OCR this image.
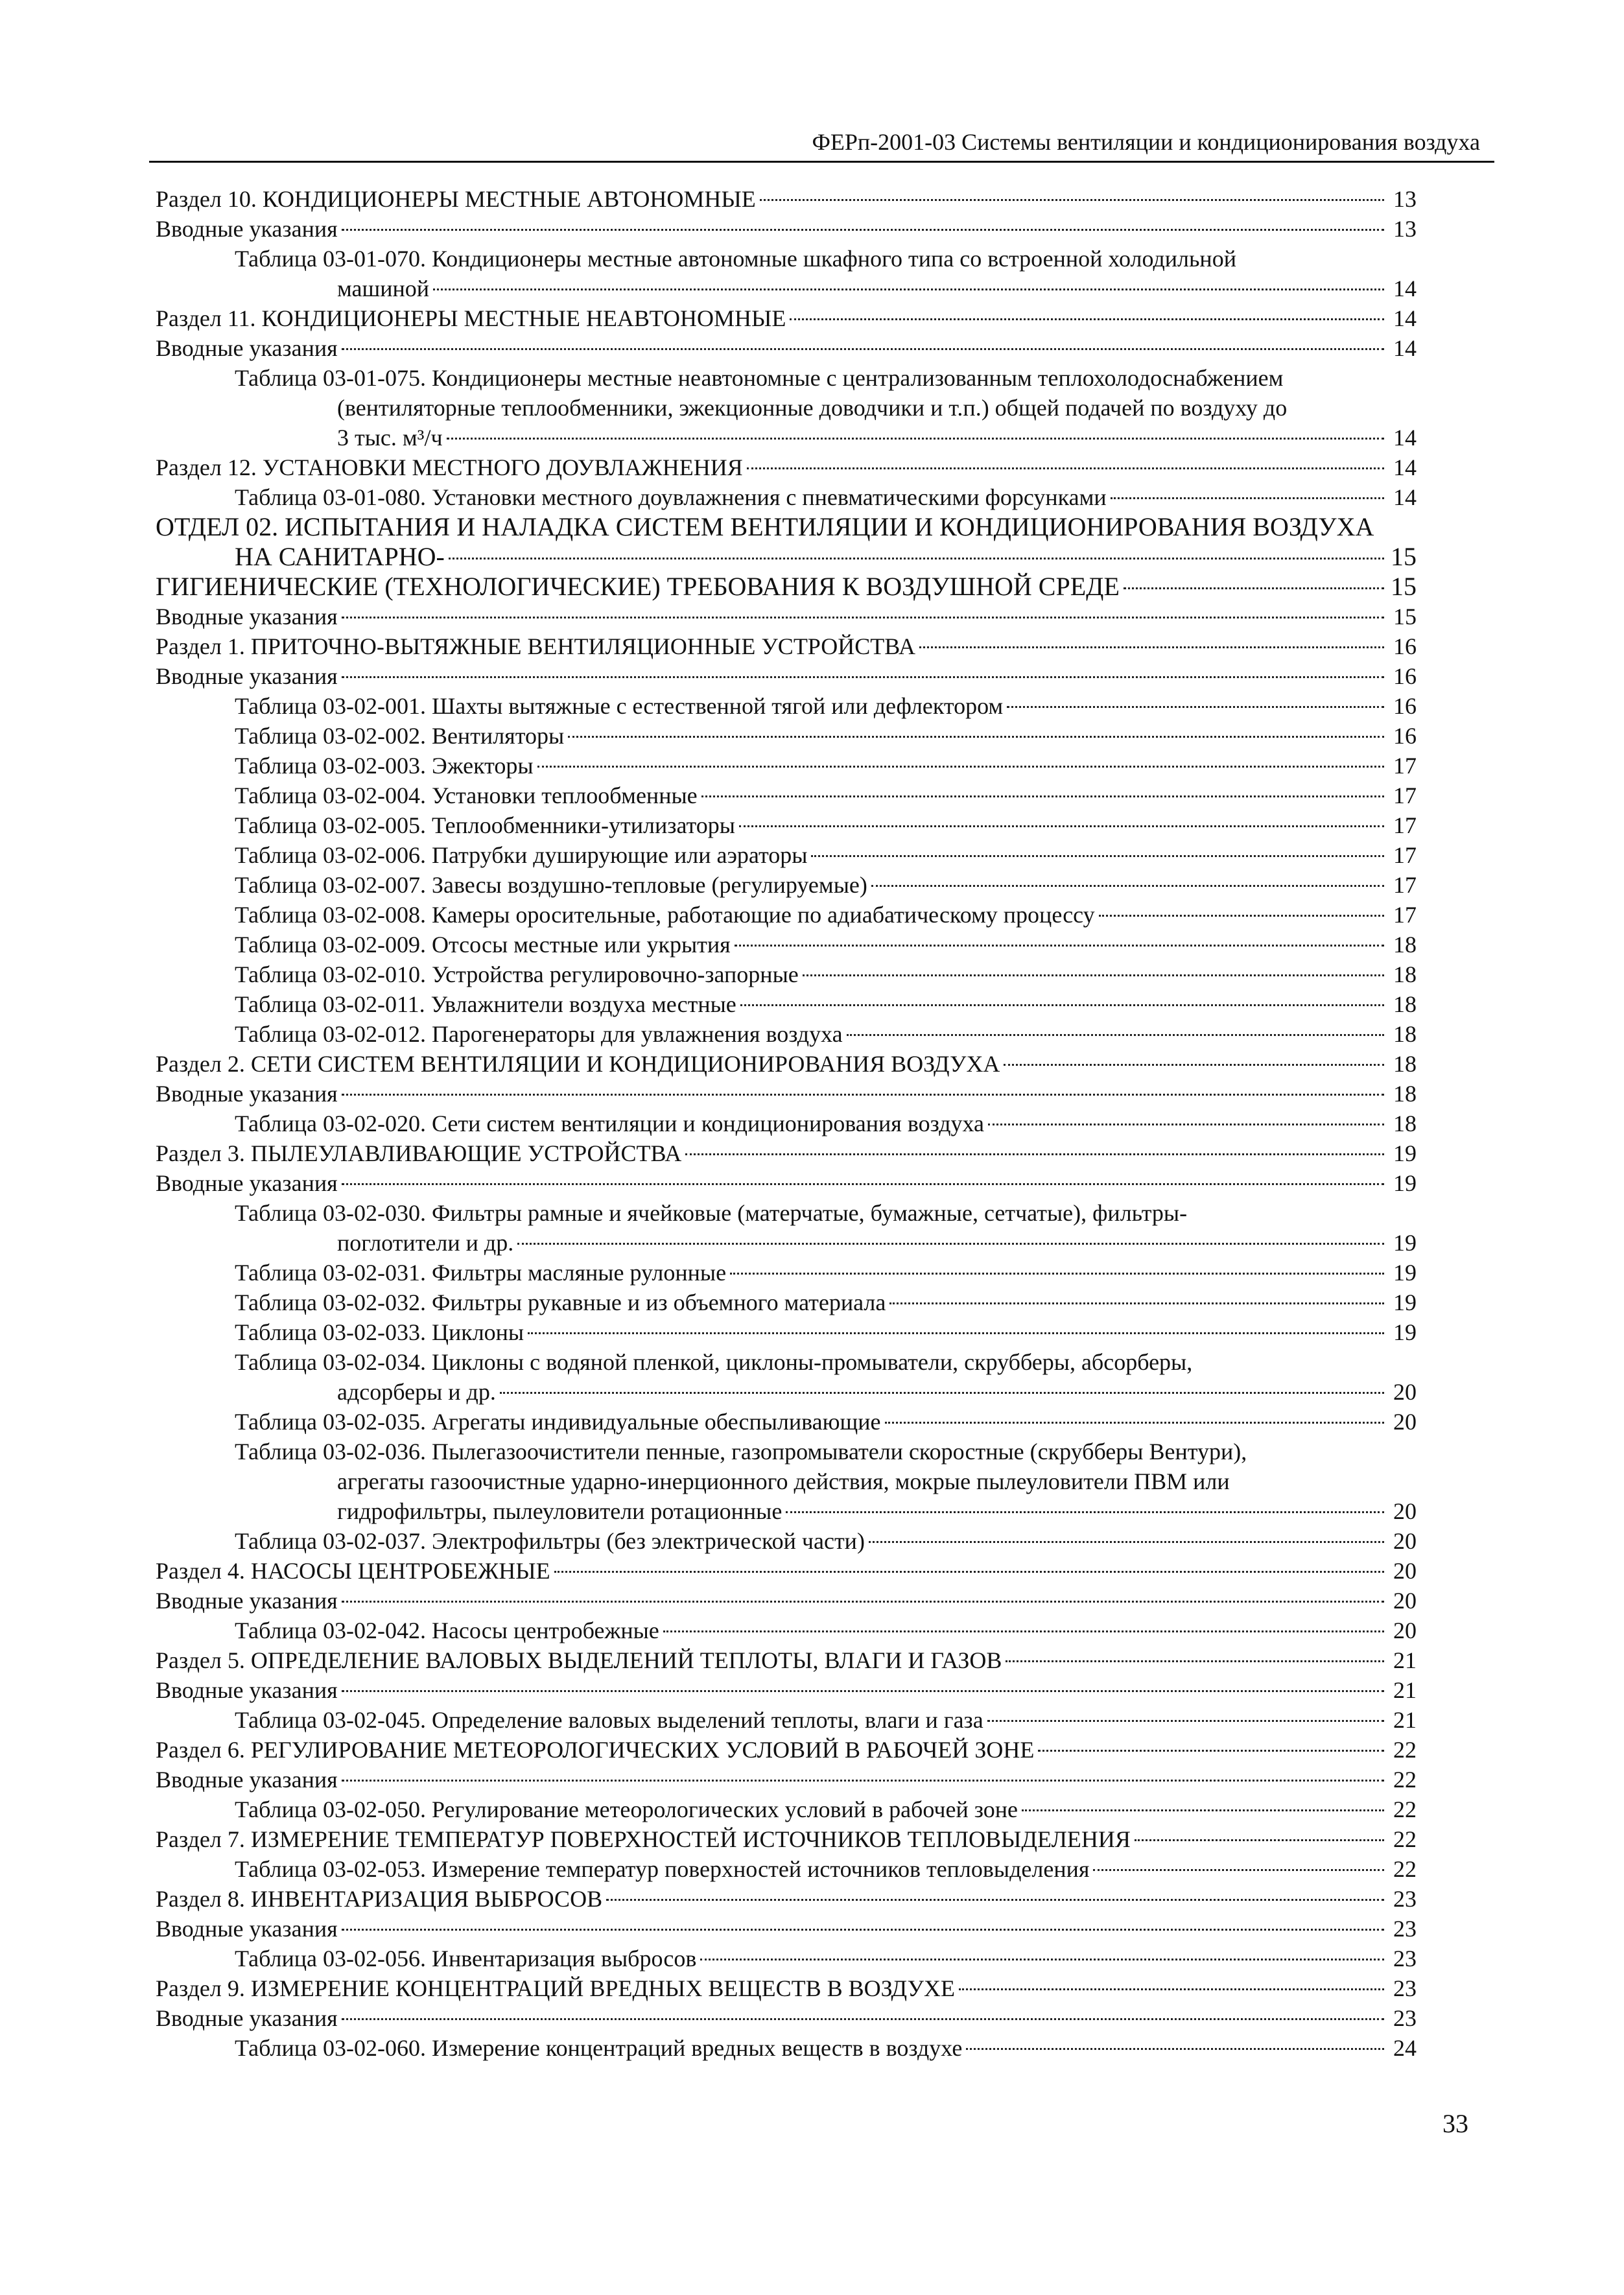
ФЕРп-2001-03 Системы вентиляции и кондиционирования воздуха
Раздел 10. КОНДИЦИОНЕРЫ МЕСТНЫЕ АВТОНОМНЫЕ	13
Вводные указания	13
Таблица 03-01-070. Кондиционеры местные автономные шкафного типа со встроенной холодильной
машиной	14
Раздел 11. КОНДИЦИОНЕРЫ МЕСТНЫЕ НЕАВТОНОМНЫЕ	14
Вводные указания	14
Таблица 03-01-075. Кондиционеры местные неавтономные с централизованным теплохолодоснабжением
(вентиляторные теплообменники, эжекционные доводчики и т.п.) общей подачей по воздуху до
3 тыс. м³/ч	14
Раздел 12. УСТАНОВКИ МЕСТНОГО ДОУВЛАЖНЕНИЯ	14
Таблица 03-01-080. Установки местного доувлажнения с пневматическими форсунками	14
ОТДЕЛ 02. ИСПЫТАНИЯ И НАЛАДКА СИСТЕМ ВЕНТИЛЯЦИИ И КОНДИЦИОНИРОВАНИЯ ВОЗДУХА
НА САНИТАРНО-	15
ГИГИЕНИЧЕСКИЕ (ТЕХНОЛОГИЧЕСКИЕ) ТРЕБОВАНИЯ К ВОЗДУШНОЙ СРЕДЕ	15
Вводные указания	15
Раздел 1. ПРИТОЧНО-ВЫТЯЖНЫЕ ВЕНТИЛЯЦИОННЫЕ УСТРОЙСТВА	16
Вводные указания	16
Таблица 03-02-001. Шахты вытяжные с естественной тягой или дефлектором	16
Таблица 03-02-002. Вентиляторы	16
Таблица 03-02-003. Эжекторы	17
Таблица 03-02-004. Установки теплообменные	17
Таблица 03-02-005. Теплообменники-утилизаторы	17
Таблица 03-02-006. Патрубки душирующие или аэраторы	17
Таблица 03-02-007. Завесы воздушно-тепловые (регулируемые)	17
Таблица 03-02-008. Камеры оросительные, работающие по адиабатическому процессу	17
Таблица 03-02-009. Отсосы местные или укрытия	18
Таблица 03-02-010. Устройства регулировочно-запорные	18
Таблица 03-02-011. Увлажнители воздуха местные	18
Таблица 03-02-012. Парогенераторы для увлажнения воздуха	18
Раздел 2. СЕТИ СИСТЕМ ВЕНТИЛЯЦИИ И КОНДИЦИОНИРОВАНИЯ ВОЗДУХА	18
Вводные указания	18
Таблица 03-02-020. Сети систем вентиляции и кондиционирования воздуха	18
Раздел 3. ПЫЛЕУЛАВЛИВАЮЩИЕ УСТРОЙСТВА	19
Вводные указания	19
Таблица 03-02-030. Фильтры рамные и ячейковые (матерчатые, бумажные, сетчатые), фильтры-
поглотители и др.	19
Таблица 03-02-031. Фильтры масляные рулонные	19
Таблица 03-02-032. Фильтры рукавные и из объемного материала	19
Таблица 03-02-033. Циклоны	19
Таблица 03-02-034. Циклоны с водяной пленкой, циклоны-промыватели, скрубберы, абсорберы,
адсорберы и др.	20
Таблица 03-02-035. Агрегаты индивидуальные обеспыливающие	20
Таблица 03-02-036. Пылегазоочистители пенные, газопромыватели скоростные (скрубберы Вентури),
агрегаты газоочистные ударно-инерционного действия, мокрые пылеуловители ПВМ или
гидрофильтры, пылеуловители ротационные	20
Таблица 03-02-037. Электрофильтры (без электрической части)	20
Раздел 4. НАСОСЫ ЦЕНТРОБЕЖНЫЕ	20
Вводные указания	20
Таблица 03-02-042. Насосы центробежные	20
Раздел 5. ОПРЕДЕЛЕНИЕ ВАЛОВЫХ ВЫДЕЛЕНИЙ ТЕПЛОТЫ, ВЛАГИ И ГАЗОВ	21
Вводные указания	21
Таблица 03-02-045. Определение валовых выделений теплоты, влаги и газа	21
Раздел 6. РЕГУЛИРОВАНИЕ МЕТЕОРОЛОГИЧЕСКИХ УСЛОВИЙ В РАБОЧЕЙ ЗОНЕ	22
Вводные указания	22
Таблица 03-02-050. Регулирование метеорологических условий в рабочей зоне	22
Раздел 7. ИЗМЕРЕНИЕ ТЕМПЕРАТУР ПОВЕРХНОСТЕЙ ИСТОЧНИКОВ ТЕПЛОВЫДЕЛЕНИЯ	22
Таблица 03-02-053. Измерение температур поверхностей источников тепловыделения	22
Раздел 8. ИНВЕНТАРИЗАЦИЯ ВЫБРОСОВ	23
Вводные указания	23
Таблица 03-02-056. Инвентаризация выбросов	23
Раздел 9. ИЗМЕРЕНИЕ КОНЦЕНТРАЦИЙ ВРЕДНЫХ ВЕЩЕСТВ В ВОЗДУХЕ	23
Вводные указания	23
Таблица 03-02-060. Измерение концентраций вредных веществ в воздухе	24
33
